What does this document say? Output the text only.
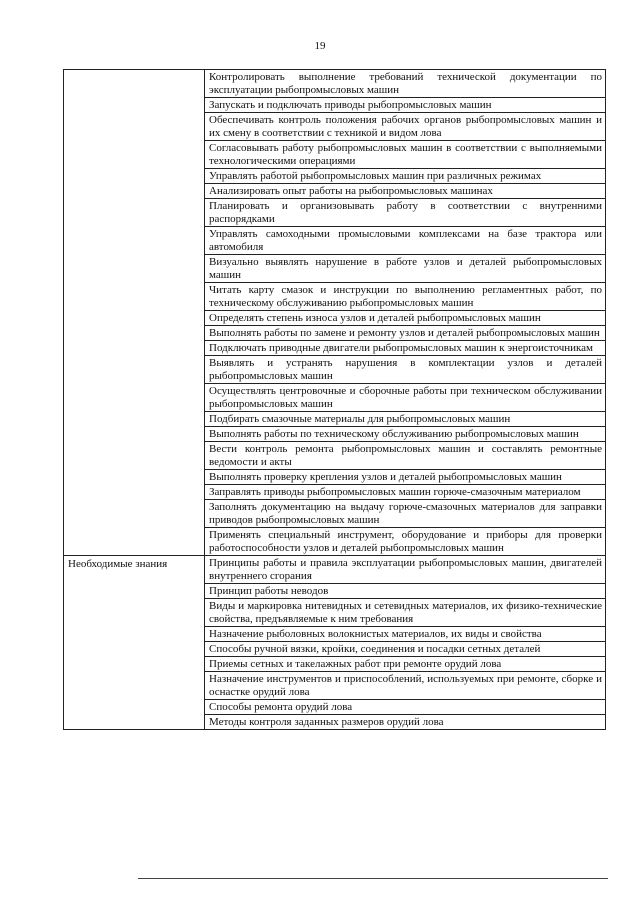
19
	Контролировать выполнение требований технической документации по эксплуатации рыбопромысловых машин
	Запускать и подключать приводы рыбопромысловых машин
	Обеспечивать контроль положения рабочих органов рыбопромысловых машин и их смену в соответствии с техникой и видом лова
	Согласовывать работу рыбопромысловых машин в соответствии с выполняемыми технологическими операциями
	Управлять работой рыбопромысловых машин при различных режимах
	Анализировать опыт работы на рыбопромысловых машинах
	Планировать и организовывать работу в соответствии с внутренними распорядками
	Управлять самоходными промысловыми комплексами на базе трактора или автомобиля
	Визуально выявлять нарушение в работе узлов и деталей рыбопромысловых машин
	Читать карту смазок и инструкции по выполнению регламентных работ, по техническому обслуживанию рыбопромысловых машин
	Определять степень износа узлов и деталей рыбопромысловых машин
	Выполнять работы по замене и ремонту узлов и деталей рыбопромысловых машин
	Подключать приводные двигатели рыбопромысловых машин к энергоисточникам
	Выявлять и устранять нарушения в комплектации узлов и деталей рыбопромысловых машин
	Осуществлять центровочные и сборочные работы при техническом обслуживании рыбопромысловых машин
	Подбирать смазочные материалы для рыбопромысловых машин
	Выполнять работы по техническому обслуживанию рыбопромысловых машин
	Вести контроль ремонта рыбопромысловых машин и составлять ремонтные ведомости и акты
	Выполнять проверку крепления узлов и деталей рыбопромысловых машин
	Заправлять приводы рыбопромысловых машин горюче-смазочным материалом
	Заполнять документацию на выдачу горюче-смазочных материалов для заправки приводов рыбопромысловых машин
	Применять специальный инструмент, оборудование и приборы для проверки работоспособности узлов и деталей рыбопромысловых машин
Необходимые знания	Принципы работы и правила эксплуатации рыбопромысловых машин, двигателей внутреннего сгорания
	Принцип работы неводов
	Виды и маркировка нитевидных и сетевидных материалов, их физико-технические свойства, предъявляемые к ним требования
	Назначение рыболовных волокнистых материалов, их виды и свойства
	Способы ручной вязки, кройки, соединения и посадки сетных деталей
	Приемы сетных и такелажных работ при ремонте орудий лова
	Назначение инструментов и приспособлений, используемых при ремонте, сборке и оснастке орудий лова
	Способы ремонта орудий лова
	Методы контроля заданных размеров орудий лова
